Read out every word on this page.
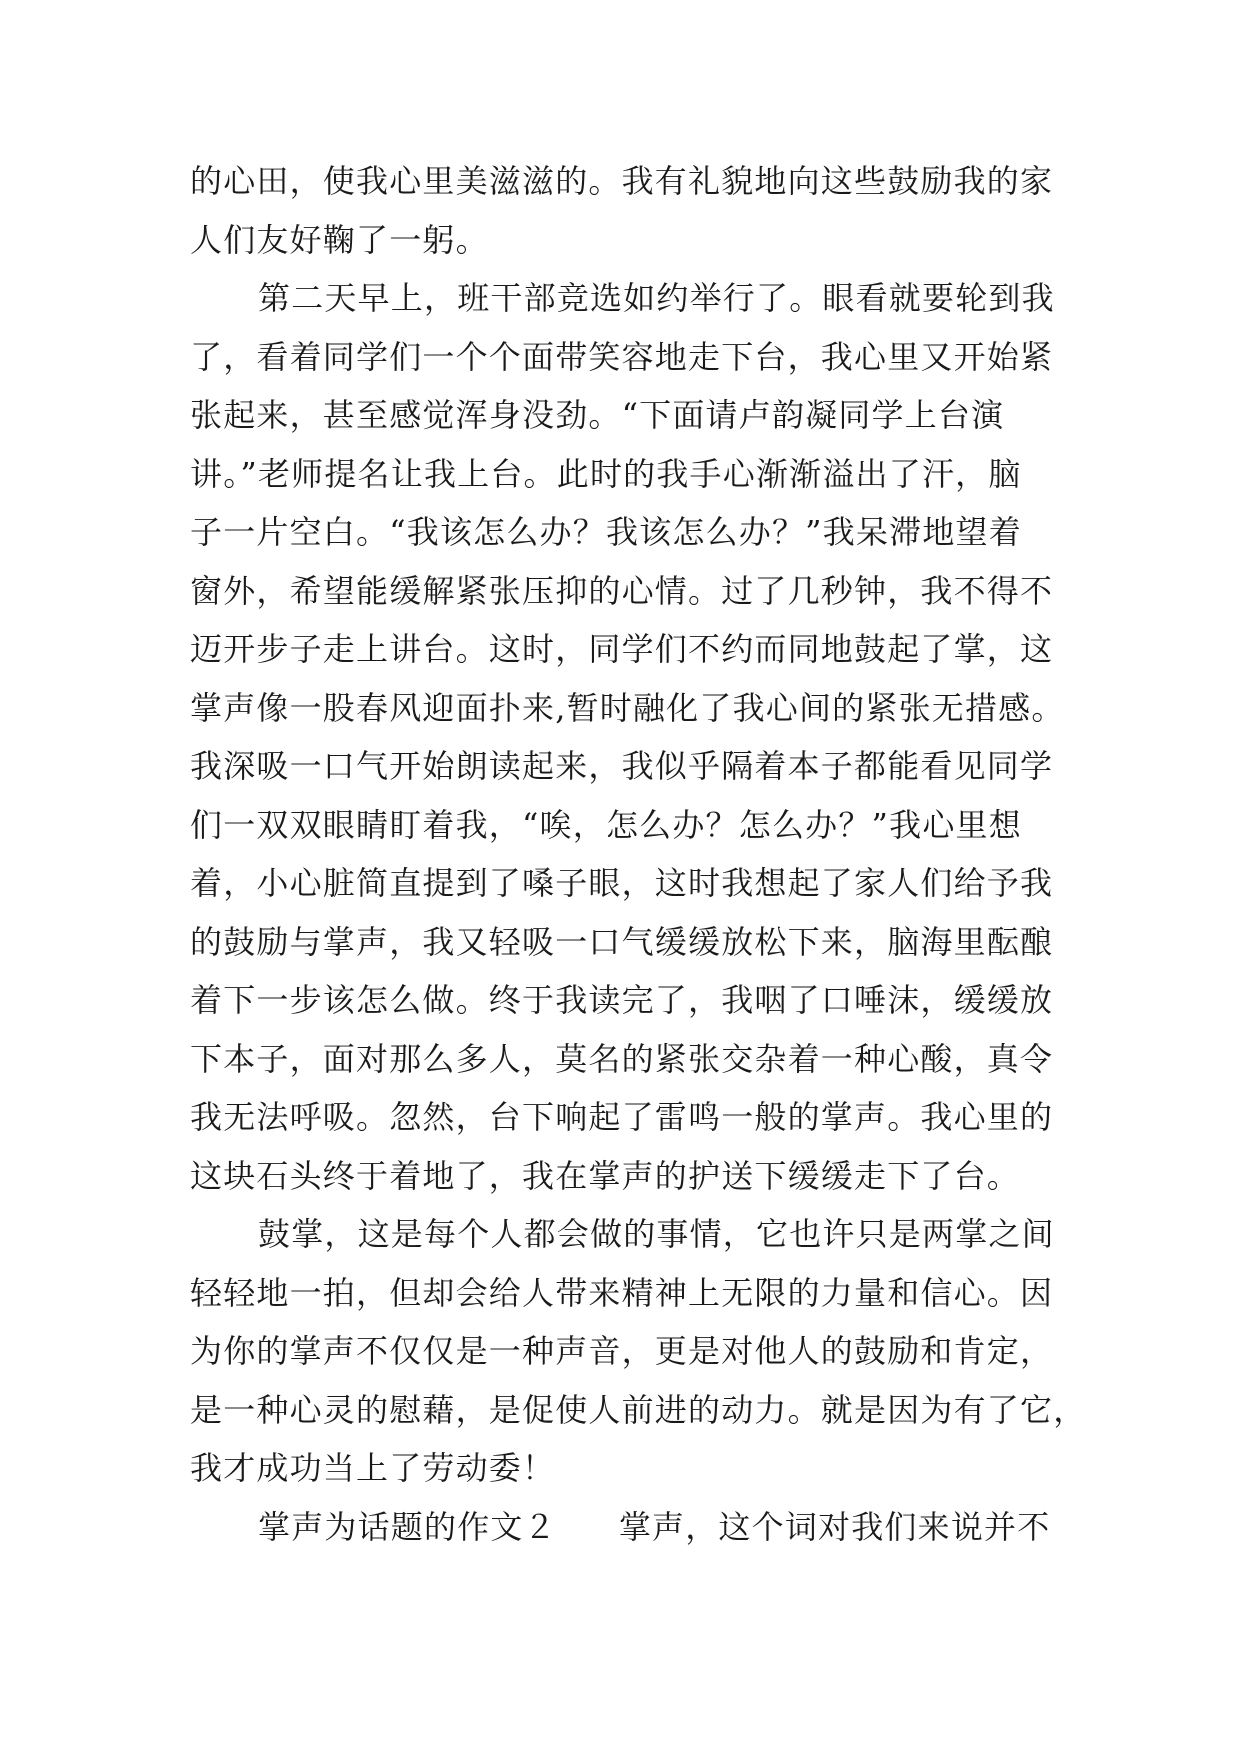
的心田，使我心里美滋滋的。我有礼貌地向这些鼓励我的家
人们友好鞠了一躬。
第二天早上，班干部竞选如约举行了。眼看就要轮到我
了，看着同学们一个个面带笑容地走下台，我心里又开始紧
张起来，甚至感觉浑身没劲。“下面请卢韵凝同学上台演
讲。”老师提名让我上台。此时的我手心渐渐溢出了汗，脑
子一片空白。“我该怎么办？我该怎么办？”我呆滞地望着
窗外，希望能缓解紧张压抑的心情。过了几秒钟，我不得不
迈开步子走上讲台。这时，同学们不约而同地鼓起了掌，这
掌声像一股春风迎面扑来,暂时融化了我心间的紧张无措感。
我深吸一口气开始朗读起来，我似乎隔着本子都能看见同学
们一双双眼睛盯着我，“唉，怎么办？怎么办？”我心里想
着，小心脏简直提到了嗓子眼，这时我想起了家人们给予我
的鼓励与掌声，我又轻吸一口气缓缓放松下来，脑海里酝酿
着下一步该怎么做。终于我读完了，我咽了口唾沫，缓缓放
下本子，面对那么多人，莫名的紧张交杂着一种心酸，真令
我无法呼吸。忽然，台下响起了雷鸣一般的掌声。我心里的
这块石头终于着地了，我在掌声的护送下缓缓走下了台。
鼓掌，这是每个人都会做的事情，它也许只是两掌之间
轻轻地一拍，但却会给人带来精神上无限的力量和信心。因
为你的掌声不仅仅是一种声音，更是对他人的鼓励和肯定，
是一种心灵的慰藉，是促使人前进的动力。就是因为有了它，
我才成功当上了劳动委！
掌声为话题的作文２ 掌声，这个词对我们来说并不
